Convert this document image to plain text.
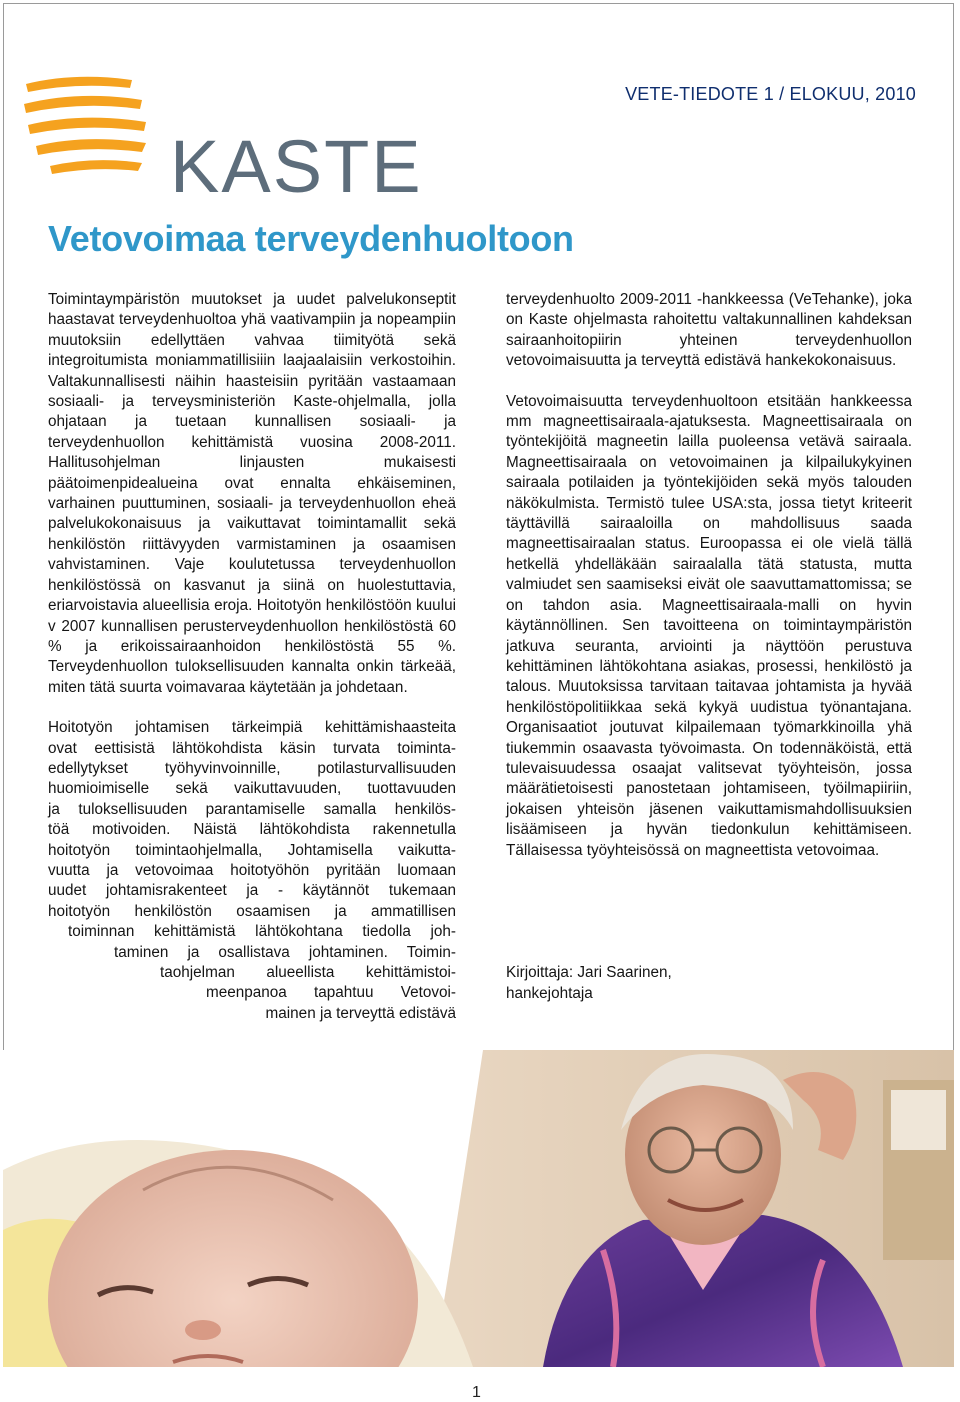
KASTE
VETE-TIEDOTE 1 / ELOKUU, 2010
Vetovoimaa terveydenhuoltoon

Toimintaympäristön muutokset ja uudet palvelukonseptit haastavat terveydenhuoltoa yhä vaativampiin ja nopeampiin muutoksiin edellyttäen vahvaa tiimityötä sekä integroitumista moniammatillisiiin laajaalaisiin verkostoihin. Valtakunnallisesti näihin haasteisiin pyritään vastaamaan sosiaali- ja terveysministeriön Kaste-ohjelmalla, jolla ohjataan ja tuetaan kunnallisen sosiaali- ja terveydenhuollon kehittämistä vuosina 2008-2011. Hallitusohjelman linjausten mukaisesti päätoimenpidealueina ovat ennalta ehkäiseminen, varhainen puuttuminen, sosiaali- ja terveydenhuollon eheä palvelukokonaisuus ja vaikuttavat toimintamallit sekä henkilöstön riittävyyden varmistaminen ja osaamisen vahvistaminen. Vaje koulutetussa terveydenhuollon henkilöstössä on kasvanut ja siinä on huolestuttavia, eriarvoistavia alueellisia eroja. Hoitotyön henkilöstöön kuului v 2007 kunnallisen perusterveydenhuollon henkilöstöstä 60 % ja erikoissairaanhoidon henkilöstöstä 55 %. Terveydenhuollon tuloksellisuuden kannalta onkin tärkeää, miten tätä suurta voimavaraa käytetään ja johdetaan.

Hoitotyön johtamisen tärkeimpiä kehittämishaasteita
ovat eettisistä lähtökohdista käsin turvata toiminta-
edellytykset työhyvinvoinnille, potilasturvallisuuden
huomioimiselle sekä vaikuttavuuden, tuottavuuden
ja tuloksellisuuden parantamiselle samalla henkilös-
töä motivoiden. Näistä lähtökohdista rakennetulla
hoitotyön toimintaohjelmalla, Johtamisella vaikutta-
vuutta ja vetovoimaa hoitotyöhön pyritään luomaan
uudet johtamisrakenteet ja - käytännöt tukemaan
hoitotyön henkilöstön osaamisen ja ammatillisen
toiminnan kehittämistä lähtökohtana tiedolla joh-
taminen ja osallistava johtaminen. Toimin-
taohjelman alueellista kehittämistoi-
meenpanoa tapahtuu Vetovoi-
mainen ja terveyttä edistävä

terveydenhuolto 2009-2011 -hankkeessa (VeTehanke), joka on Kaste ohjelmasta rahoitettu valtakunnallinen kahdeksan sairaanhoitopiirin yhteinen terveydenhuollon vetovoimaisuutta ja terveyttä edistävä hankekokonaisuus.

Vetovoimaisuutta terveydenhuoltoon etsitään hankkeessa mm magneettisairaala-ajatuksesta. Magneettisairaala on työntekijöitä magneetin lailla puoleensa vetävä sairaala. Magneettisairaala on vetovoimainen ja kilpailukykyinen sairaala potilaiden ja työntekijöiden sekä myös talouden näkökulmista. Termistö tulee USA:sta, jossa tietyt kriteerit täyttävillä sairaaloilla on mahdollisuus saada magneettisairaalan status. Euroopassa ei ole vielä tällä hetkellä yhdelläkään sairaalalla tätä statusta, mutta valmiudet sen saamiseksi eivät ole saavuttamattomissa; se on tahdon asia. Magneettisairaala-malli on hyvin käytännöllinen. Sen tavoitteena on toimintaympäristön jatkuva seuranta, arviointi ja näyttöön perustuva kehittäminen lähtökohtana asiakas, prosessi, henkilöstö ja talous. Muutoksissa tarvitaan taitavaa johtamista ja hyvää henkilöstöpolitiikkaa sekä kykyä uudistua työnantajana. Organisaatiot joutuvat kilpailemaan työmarkkinoilla yhä tiukemmin osaavasta työvoimasta. On todennäköistä, että tulevaisuudessa osaajat valitsevat työyhteisön, jossa määrätietoisesti panostetaan johtamiseen, työilmapiiriin, jokaisen yhteisön jäsenen vaikuttamismahdollisuuksien lisäämiseen ja hyvän tiedonkulun kehittämiseen. Tällaisessa työyhteisössä on magneettista vetovoimaa.

Kirjoittaja: Jari Saarinen,
hankejohtaja
1
